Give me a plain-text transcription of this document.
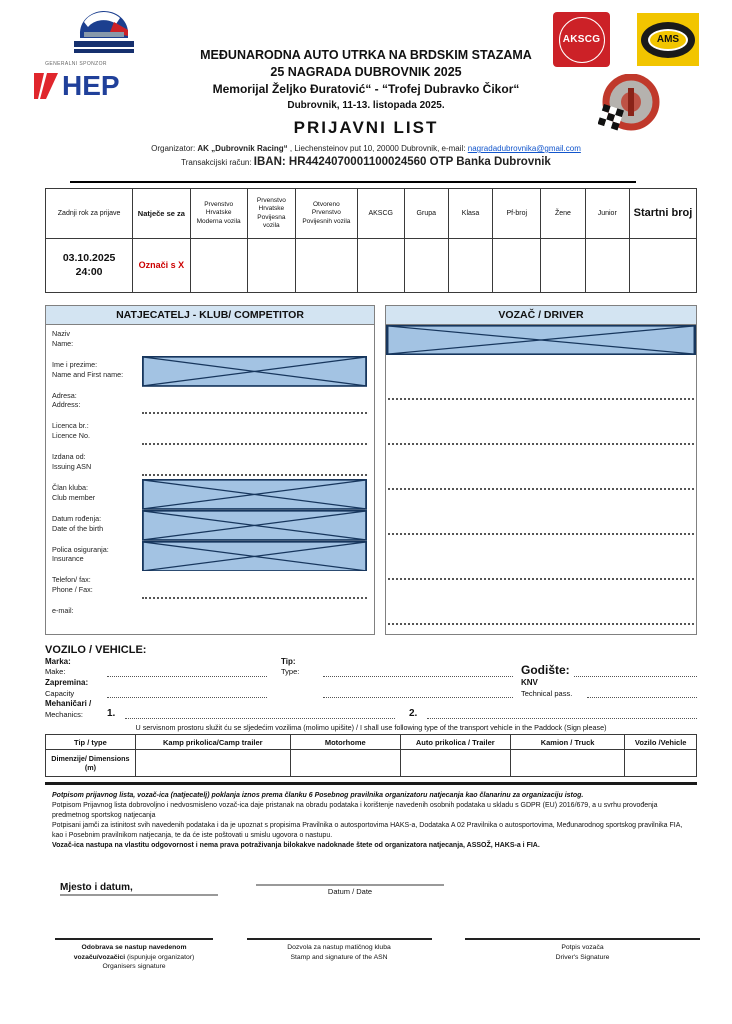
GENERALNI SPONZOR
HEP
AKSCG	AMS
MEĐUNARODNA AUTO UTRKA NA BRDSKIM STAZAMA
25 NAGRADA DUBROVNIK 2025
Memorijal Željko Đuratović“ - “Trofej Dubravko Čikor“
Dubrovnik, 11-13. listopada 2025.
PRIJAVNI LIST
Organizator: AK „Dubrovnik Racing“ , Liechensteinov put 10, 20000 Dubrovnik, e-mail: nagradadubrovnika@gmail.com
Transakcijski račun: IBAN: HR4424070001100024560 OTP Banka Dubrovnik
Zadnji rok za prijave	Natječe se za	Prvenstvo Hrvatske Moderna vozila	Prvenstvo Hrvatske Povijesna vozila	Otvoreno Prvenstvo Povijesnih vozila	AKSCG	Grupa	Klasa	Pf-broj	Žene	Junior	Startni broj
03.10.2025 24:00	Označi s X										
NATJECATELJ - KLUB/ COMPETITOR
Naziv
Name:
Ime i prezime:
Name and First name:
Adresa:
Address:
Licenca br.:
Licence No.
Izdana od:
Issuing ASN
Član kluba:
Club member
Datum rođenja:
Date of the birth
Polica osiguranja:
Insurance
Telefon/ fax:
Phone / Fax:
e-mail:
VOZAČ / DRIVER
VOZILO / VEHICLE:
Marka:
Make:
Tip:
Type:	Godište:
Zapremina:
Capacity
KNV
Technical pass.
Mehaničari /
Mechanics:	1.	2.
U servisnom prostoru služit ću se sljedećim vozilima (molimo upišite) / I shall use following type of the transport vehicle in the Paddock (Sign please)
Tip / type	Kamp prikolica/Camp trailer	Motorhome	Auto prikolica / Trailer	Kamion / Truck	Vozilo /Vehicle
Dimenzije/ Dimensions (m)					

Potpisom prijavnog lista, vozač-ica (natjecatelj) poklanja iznos prema članku 6 Posebnog pravilnika organizatoru natjecanja kao članarinu za organizaciju istog.

Potpisom Prijavnog lista dobrovoljno i nedvosmisleno vozač-ica daje pristanak na obradu podataka i korištenje navedenih osobnih podataka u skladu s GDPR (EU) 2016/679, a u svrhu provođenja predmetnog sportskog natjecanja

Potpisani jamči za istinitost svih navedenih podataka i da je upoznat s propisima Pravilnika o autosportovima HAKS-a, Dodataka A 02 Pravilnika o autosportovima, Međunarodnog sportskog pravilnika FIA, kao i Posebnim pravilnikom natjecanja, te da će iste poštovati u smislu ugovora o nastupu.

Vozač-ica nastupa na vlastitu odgovornost i nema prava potraživanja bilokakve nadoknade štete od organizatora natjecanja, ASSOŽ, HAKS-a i FIA.

Mjesto i datum,	Datum / Date
Odobrava se nastup navedenom vozaču/vozačici (ispunjuje organizator)
Organisers signature
Dozvola za nastup matičnog kluba
Stamp and signature of the ASN
Potpis vozača
Driver's Signature
